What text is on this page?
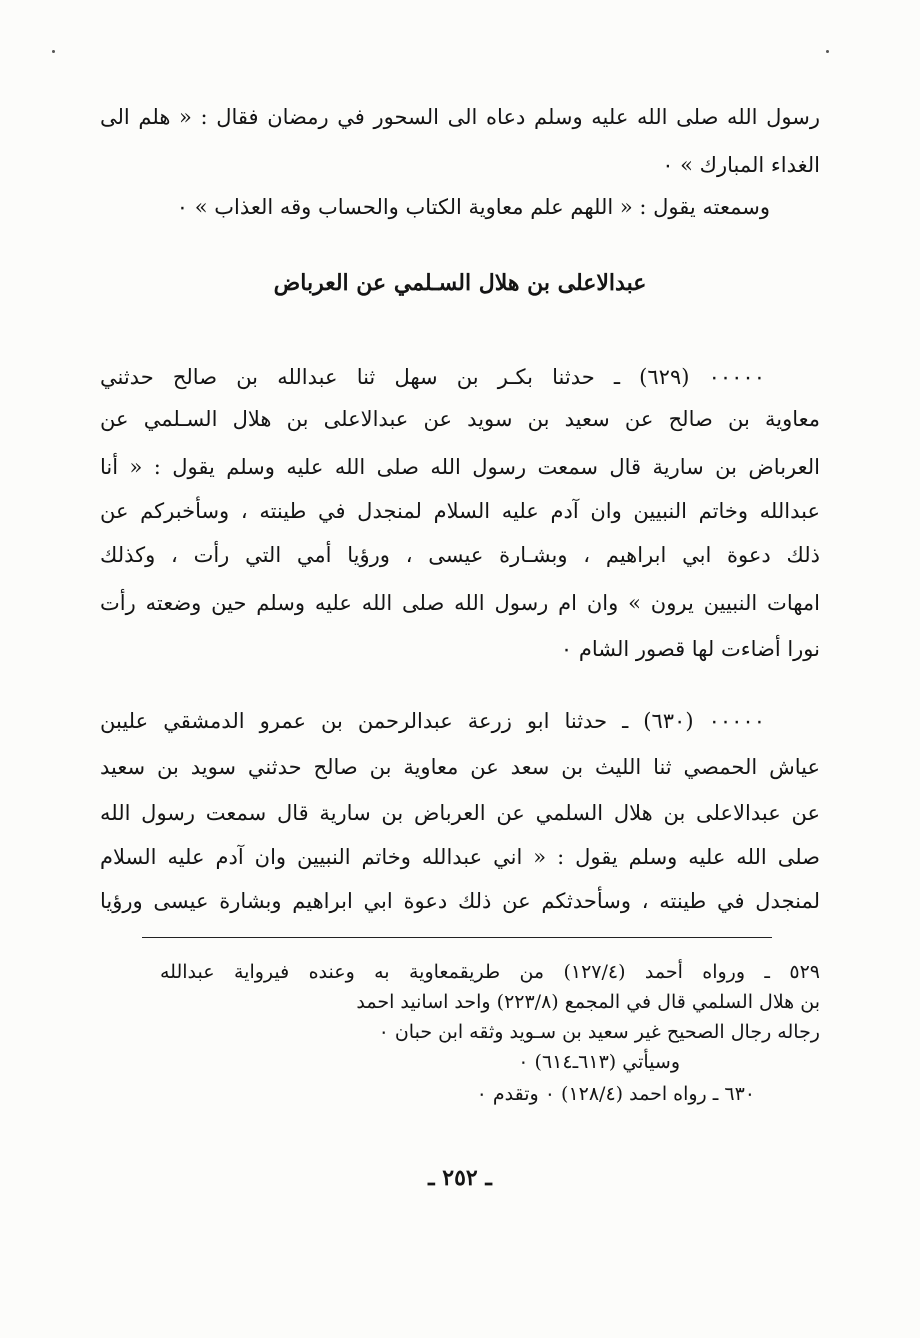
رسول الله صلى الله عليه وسلم دعاه الى السحور في رمضان فقال : « هلم الى
الغداء المبارك » ٠
وسمعته يقول : « اللهم علم معاوية الكتاب والحساب وقه العذاب » ٠
عبدالاعلى بن هلال السـلمي عن العرباض
٠٠٠٠٠ (٦٢٩) ـ حدثنا بكـر بن سهل ثنا عبدالله بن صالح حدثني
معاوية بن صالح عن سعيد بن سويد عن عبدالاعلى بن هلال السـلمي عن
العرباض بن سارية قال سمعت رسول الله صلى الله عليه وسلم يقول : « أنا
عبدالله وخاتم النبيين وان آدم عليه السلام لمنجدل في طينته ، وسأخبركم عن
ذلك دعوة ابي ابراهيم ، وبشـارة عيسى ، ورؤيا أمي التي رأت ، وكذلك
امهات النبيين يرون » وان ام رسول الله صلى الله عليه وسلم حين وضعته رأت
نورا أضاءت لها قصور الشام ٠
٠٠٠٠٠ (٦٣٠) ـ حدثنا ابو زرعة عبدالرحمن بن عمرو الدمشقي عليبن
عياش الحمصي ثنا الليث بن سعد عن معاوية بن صالح حدثني سويد بن سعيد
عن عبدالاعلى بن هلال السلمي عن العرباض بن سارية قال سمعت رسول الله
صلى الله عليه وسلم يقول : « اني عبدالله وخاتم النبيين وان آدم عليه السلام
لمنجدل في طينته ، وسأحدثكم عن ذلك دعوة ابي ابراهيم وبشارة عيسى ورؤيا
٥٢٩ ـ ورواه أحمد (١٢٧/٤) من طريقمعاوية به وعنده فيرواية عبدالله
بن هلال السلمي قال في المجمع (٢٢٣/٨) واحد اسانيد احمد
رجاله رجال الصحيح غير سعيد بن سـويد وثقه ابن حبان ٠
وسيأتي (٦١٣ـ٦١٤) ٠
٦٣٠ ـ رواه احمد (١٢٨/٤) ٠ وتقدم ٠
ـ ٢٥٢ ـ
